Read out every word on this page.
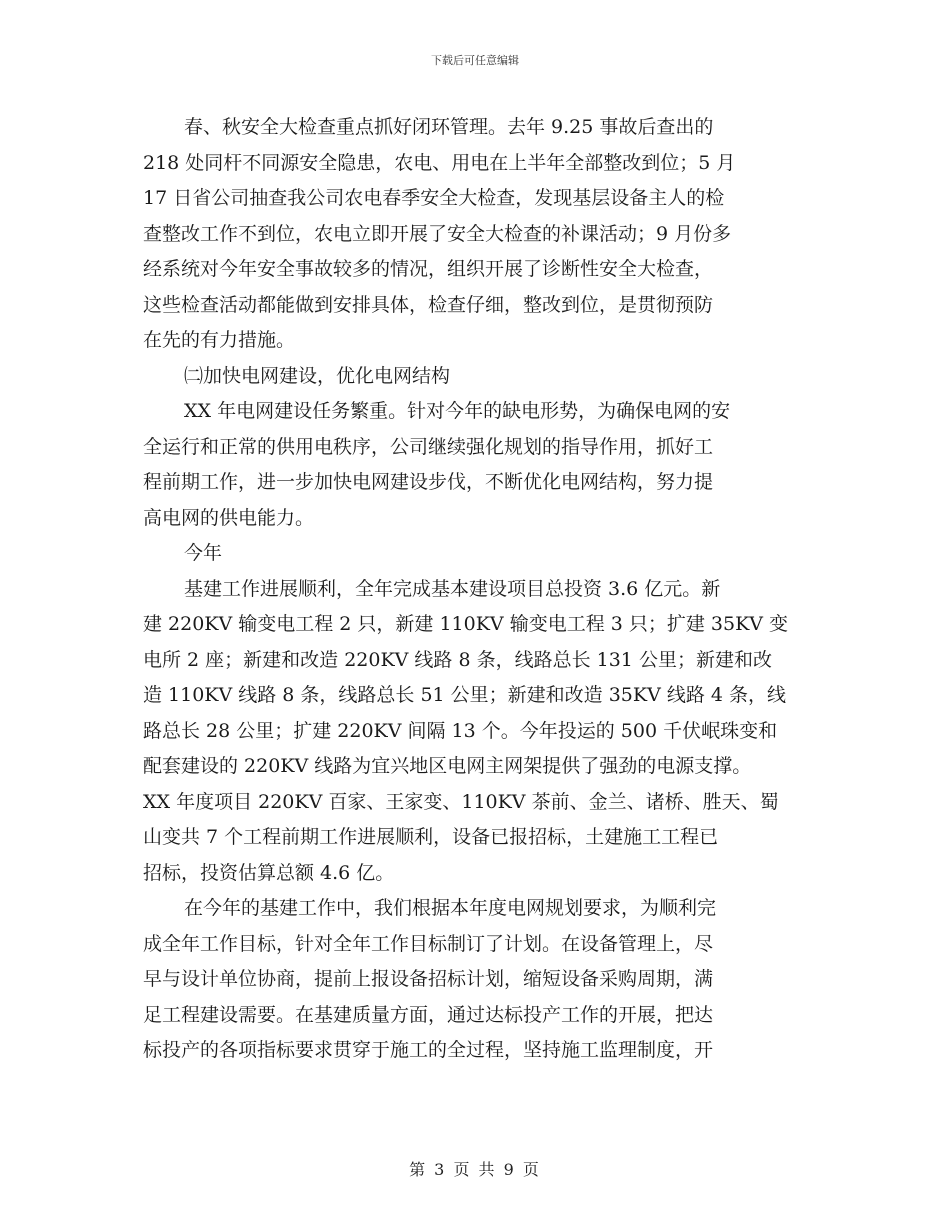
下载后可任意编辑
春、秋安全大检查重点抓好闭环管理。去年 9.25 事故后查出的
218 处同杆不同源安全隐患，农电、用电在上半年全部整改到位；5 月
17 日省公司抽查我公司农电春季安全大检查，发现基层设备主人的检
查整改工作不到位，农电立即开展了安全大检查的补课活动；9 月份多
经系统对今年安全事故较多的情况，组织开展了诊断性安全大检查，
这些检查活动都能做到安排具体，检查仔细，整改到位，是贯彻预防
在先的有力措施。
㈡加快电网建设，优化电网结构
XX 年电网建设任务繁重。针对今年的缺电形势，为确保电网的安
全运行和正常的供用电秩序，公司继续强化规划的指导作用，抓好工
程前期工作，进一步加快电网建设步伐，不断优化电网结构，努力提
高电网的供电能力。
今年
基建工作进展顺利，全年完成基本建设项目总投资 3.6 亿元。新
建 220KV 输变电工程 2 只，新建 110KV 输变电工程 3 只；扩建 35KV 变
电所 2 座；新建和改造 220KV 线路 8 条，线路总长 131 公里；新建和改
造 110KV 线路 8 条，线路总长 51 公里；新建和改造 35KV 线路 4 条，线
路总长 28 公里；扩建 220KV 间隔 13 个。今年投运的 500 千伏岷珠变和
配套建设的 220KV 线路为宜兴地区电网主网架提供了强劲的电源支撑。
XX 年度项目 220KV 百家、王家变、110KV 茶前、金兰、诸桥、胜天、蜀
山变共 7 个工程前期工作进展顺利，设备已报招标，土建施工工程已
招标，投资估算总额 4.6 亿。
在今年的基建工作中，我们根据本年度电网规划要求，为顺利完
成全年工作目标，针对全年工作目标制订了计划。在设备管理上，尽
早与设计单位协商，提前上报设备招标计划，缩短设备采购周期，满
足工程建设需要。在基建质量方面，通过达标投产工作的开展，把达
标投产的各项指标要求贯穿于施工的全过程，坚持施工监理制度，开
第 3 页 共 9 页
